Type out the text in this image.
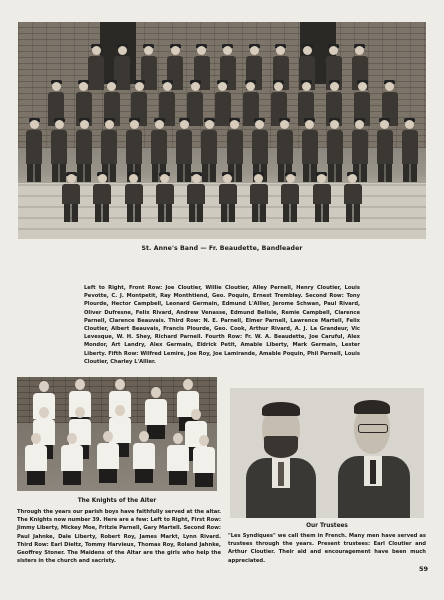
St. Anne's Band — Fr. Beaudette, Bandleader
Left to Right, Front Row: Joe Cloutier, Willie Cloutier, Alley Pernell, Henry Cloutier, Louis Pevotte, C. J. Montpetit, Ray Monthtiend, Geo. Poquin, Ernest Tremblay. Second Row: Tony Plourde, Hector Campbell, Leonard Germain, Edmund L'Allier, Jerome Schwan, Paul Rivard, Oliver Dufresne, Felix Rivard, Andrew Venasse, Edmund Belisle, Remie Campbell, Clarence Parnell, Clarence Beauvais. Third Row: N. E. Parnell, Elmer Parnell, Lawrence Martell, Felix Cloutier, Albert Beauvais, Francis Plourde, Geo. Cook, Arthur Rivard, A. J. La Grandeur, Vic Levesque, W. H. Shey, Richard Parnell. Fourth Row: Fr. W. A. Beaudette, Joe Caruful, Alex Mondor, Art Landry, Alex Germain, Eldrick Petit, Amable Liberty, Mark Germain, Lester Liberty. Fifth Row: Wilfred Lemire, Joe Roy, Joe Lamirande, Amable Poquin, Phil Parnell, Louis Cloutier, Charley L'Allier.
The Knights of the Alter
Through the years our parish boys have faithfully served at the altar. The Knights now number 39. Here are a few: Left to Right, First Row: Jimmy Liberty, Mickey Moe, Fritzie Parnell, Gary Martell. Second Row: Paul Jahnke, Dale Liberty, Robert Roy, James Markt, Lynn Rivard. Third Row: Earl Dieltz, Tommy Harvieux, Thomas Roy, Roland Jahnke, Geoffrey Stoner. The Maidens of the Altar are the girls who help the sisters in the church and sacristy.
Our Trustees
"Les Syndiques" we call them in French. Many men have served as trustees through the years. Present trustees: Earl Cloutier and Arthur Cloutier. Their aid and encouragement have been much appreciated.
59
